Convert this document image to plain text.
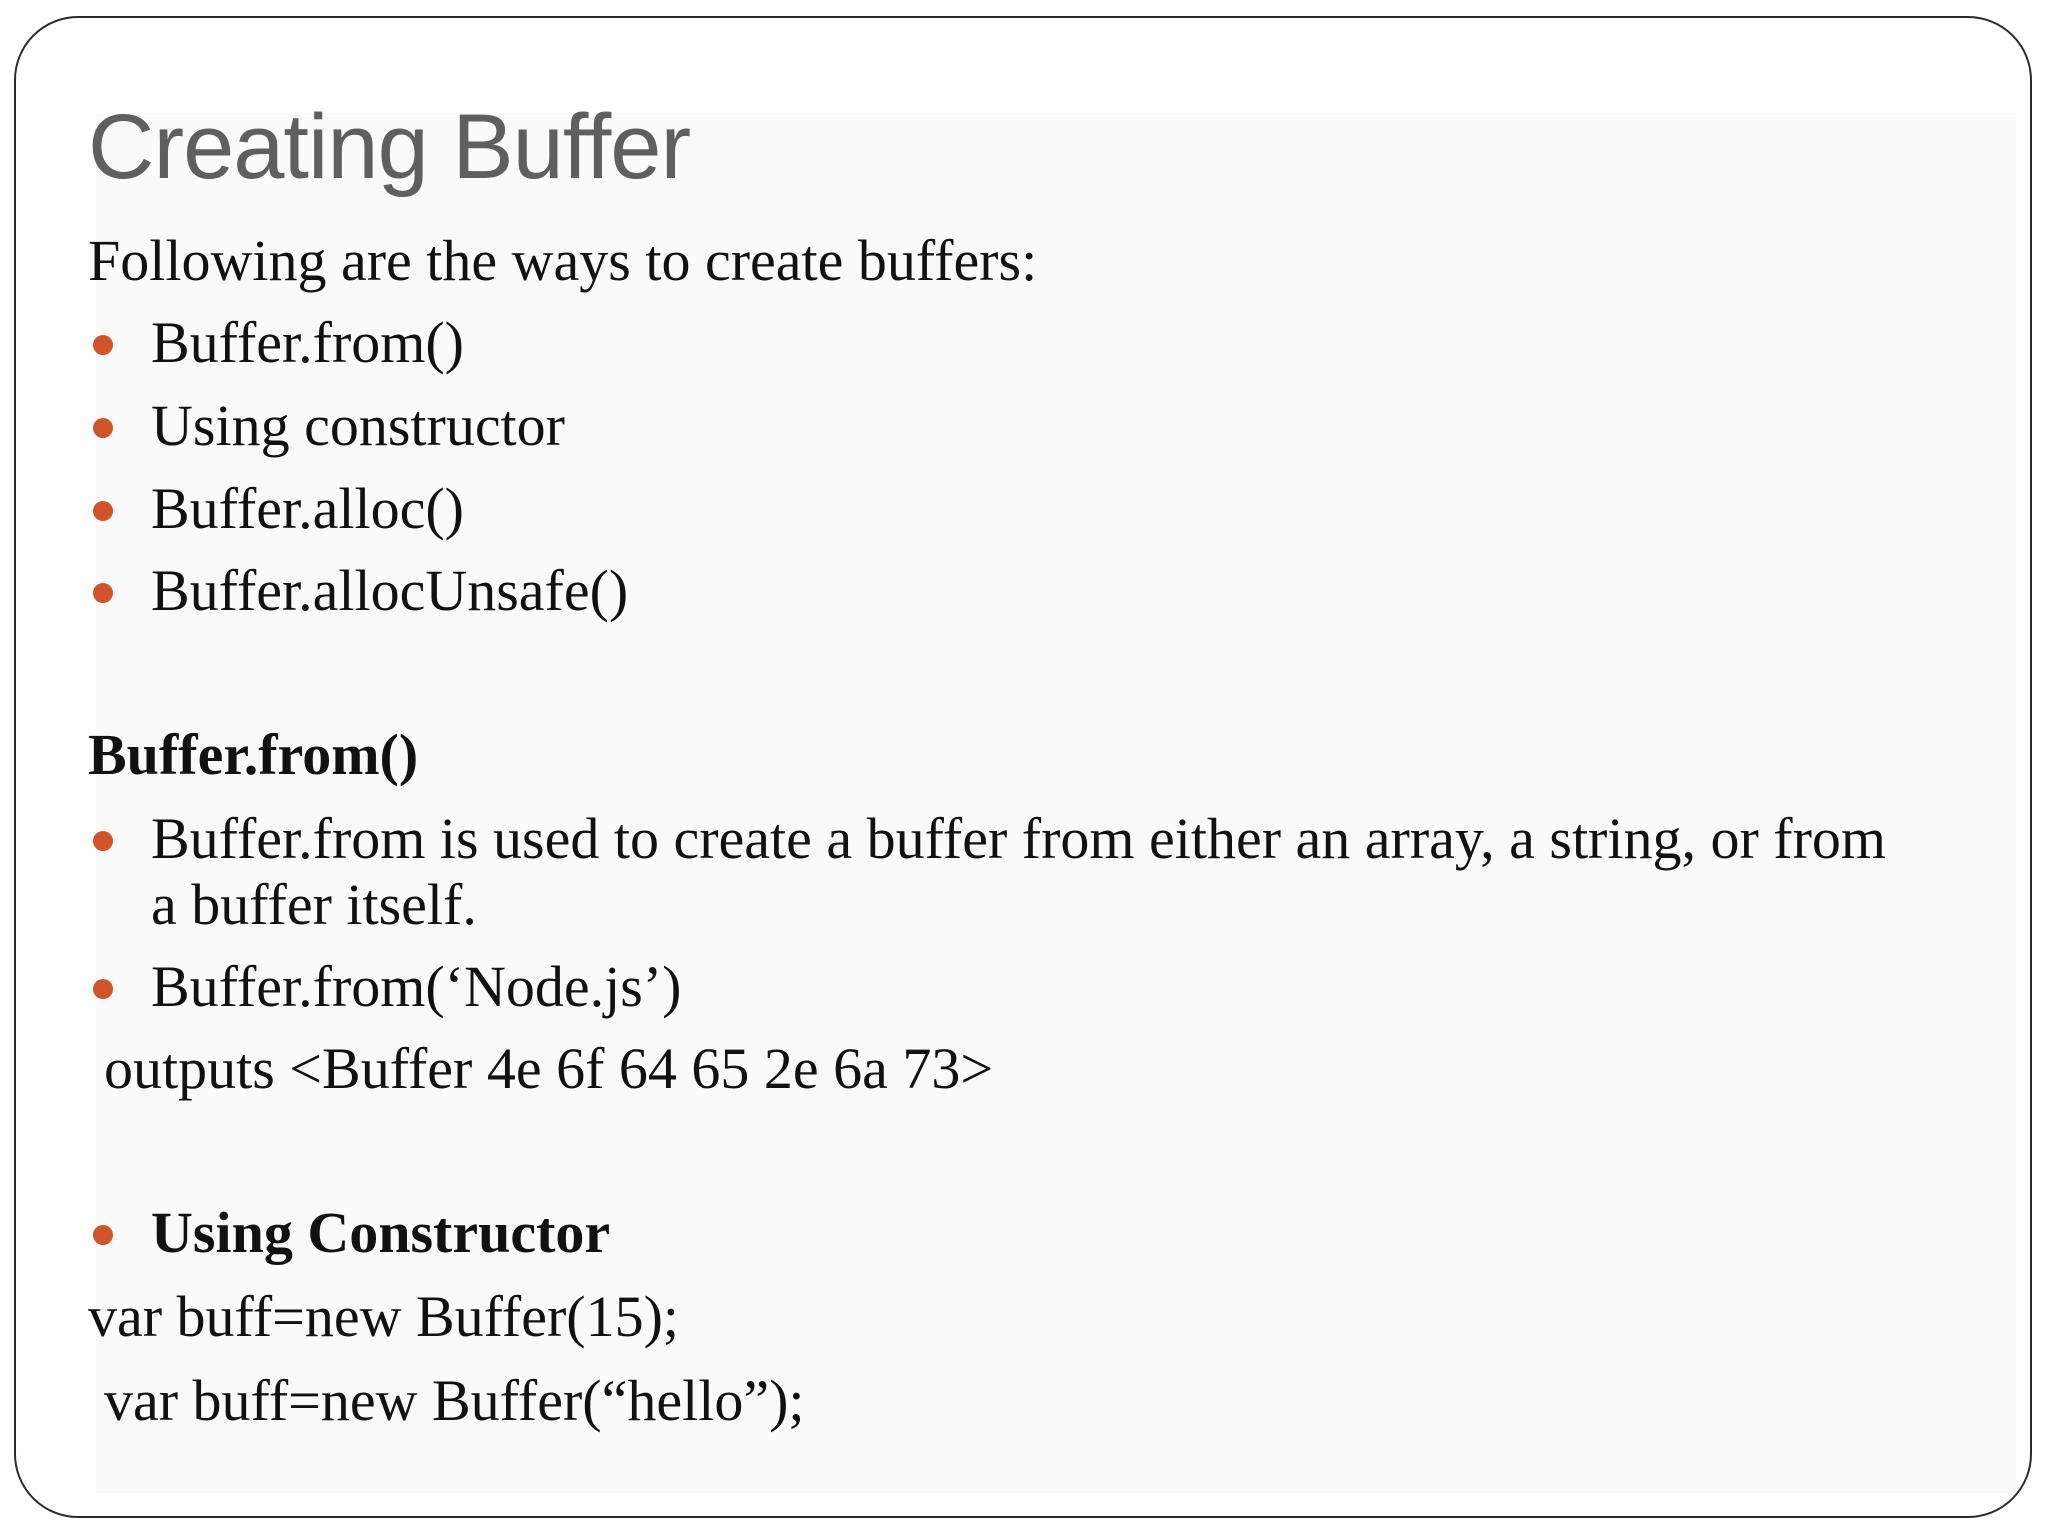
Creating Buffer
Following are the ways to create buffers:
Buffer.from()
Using constructor
Buffer.alloc()
Buffer.allocUnsafe()
Buffer.from()
Buffer.from is used to create a buffer from either an array, a string, or from a buffer itself.
Buffer.from(‘Node.js’)
outputs <Buffer 4e 6f 64 65 2e 6a 73>
Using Constructor
var buff=new Buffer(15);
var buff=new Buffer(“hello”);
